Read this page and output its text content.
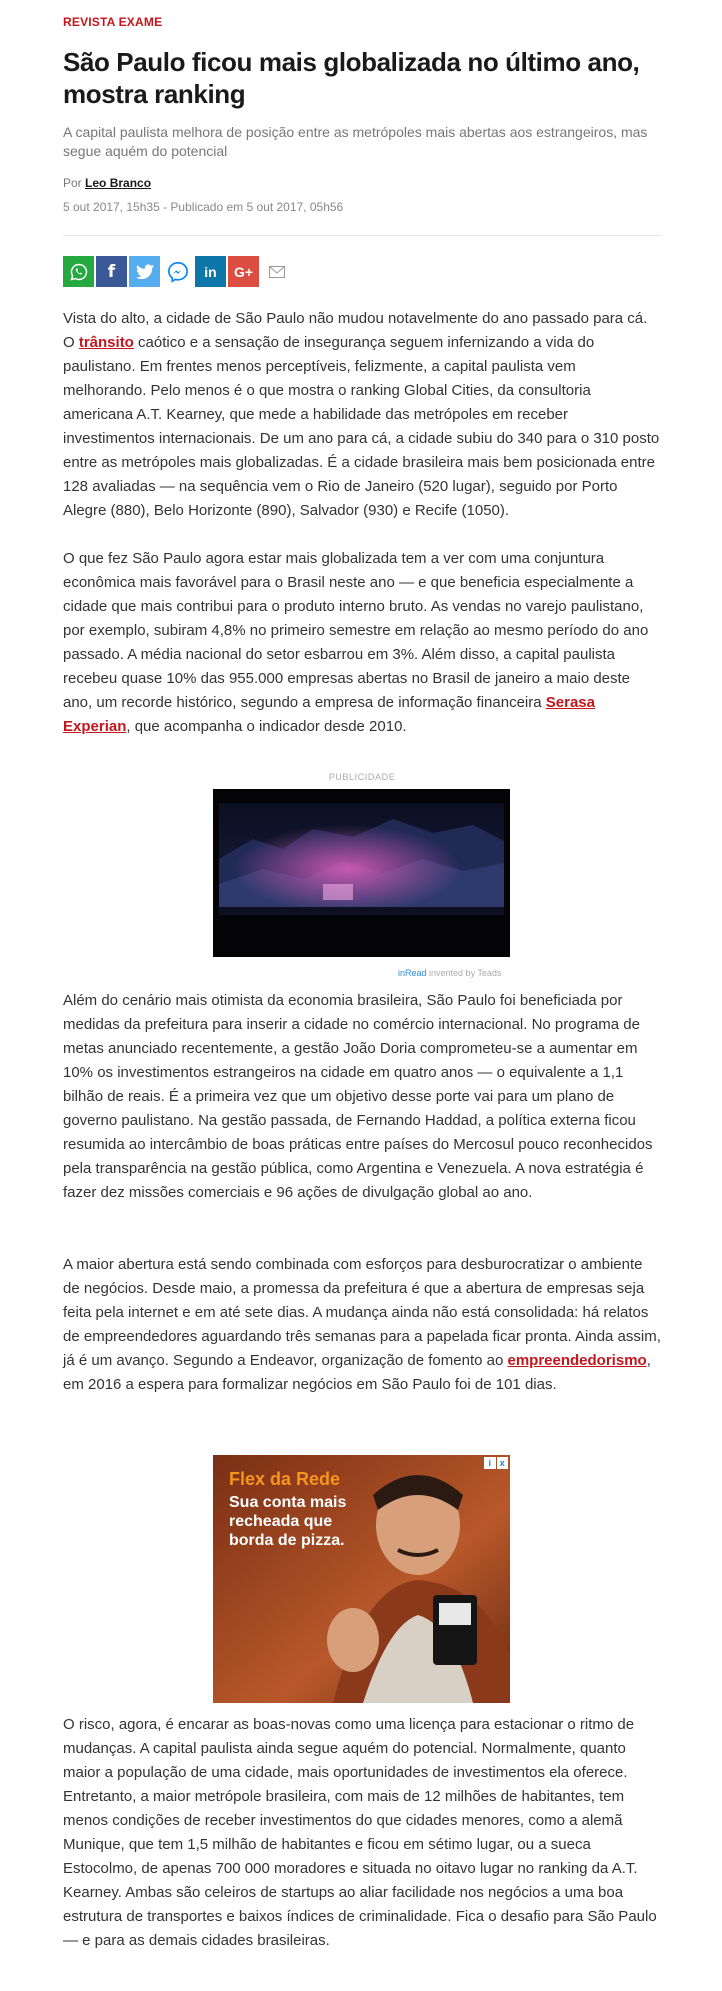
REVISTA EXAME
São Paulo ficou mais globalizada no último ano, mostra ranking

A capital paulista melhora de posição entre as metrópoles mais abertas aos estrangeiros, mas segue aquém do potencial

Por Leo Branco
5 out 2017, 15h35 - Publicado em 5 out 2017, 05h56
f	in G+

Vista do alto, a cidade de São Paulo não mudou notavelmente do ano passado para cá. O trânsito caótico e a sensação de insegurança seguem infernizando a vida do paulistano. Em frentes menos perceptíveis, felizmente, a capital paulista vem melhorando. Pelo menos é o que mostra o ranking Global Cities, da consultoria americana A.T. Kearney, que mede a habilidade das metrópoles em receber investimentos internacionais. De um ano para cá, a cidade subiu do 340 para o 310 posto entre as metrópoles mais globalizadas. É a cidade brasileira mais bem posicionada entre 128 avaliadas — na sequência vem o Rio de Janeiro (520 lugar), seguido por Porto Alegre (880), Belo Horizonte (890), Salvador (930) e Recife (1050).

O que fez São Paulo agora estar mais globalizada tem a ver com uma conjuntura econômica mais favorável para o Brasil neste ano — e que beneficia especialmente a cidade que mais contribui para o produto interno bruto. As vendas no varejo paulistano, por exemplo, subiram 4,8% no primeiro semestre em relação ao mesmo período do ano passado. A média nacional do setor esbarrou em 3%. Além disso, a capital paulista recebeu quase 10% das 955.000 empresas abertas no Brasil de janeiro a maio deste ano, um recorde histórico, segundo a empresa de informação financeira Serasa Experian, que acompanha o indicador desde 2010.

PUBLICIDADE
inRead invented by Teads

Além do cenário mais otimista da economia brasileira, São Paulo foi beneficiada por medidas da prefeitura para inserir a cidade no comércio internacional. No programa de metas anunciado recentemente, a gestão João Doria comprometeu-se a aumentar em 10% os investimentos estrangeiros na cidade em quatro anos — o equivalente a 1,1 bilhão de reais. É a primeira vez que um objetivo desse porte vai para um plano de governo paulistano. Na gestão passada, de Fernando Haddad, a política externa ficou resumida ao intercâmbio de boas práticas entre países do Mercosul pouco reconhecidos pela transparência na gestão pública, como Argentina e Venezuela. A nova estratégia é fazer dez missões comerciais e 96 ações de divulgação global ao ano.

A maior abertura está sendo combinada com esforços para desburocratizar o ambiente de negócios. Desde maio, a promessa da prefeitura é que a abertura de empresas seja feita pela internet e em até sete dias. A mudança ainda não está consolidada: há relatos de empreendedores aguardando três semanas para a papelada ficar pronta. Ainda assim, já é um avanço. Segundo a Endeavor, organização de fomento ao empreendedorismo, em 2016 a espera para formalizar negócios em São Paulo foi de 101 dias.

Flex da Rede
Sua conta mais recheada que borda de pizza.
i x

O risco, agora, é encarar as boas-novas como uma licença para estacionar o ritmo de mudanças. A capital paulista ainda segue aquém do potencial. Normalmente, quanto maior a população de uma cidade, mais oportunidades de investimentos ela oferece. Entretanto, a maior metrópole brasileira, com mais de 12 milhões de habitantes, tem menos condições de receber investimentos do que cidades menores, como a alemã Munique, que tem 1,5 milhão de habitantes e ficou em sétimo lugar, ou a sueca Estocolmo, de apenas 700 000 moradores e situada no oitavo lugar no ranking da A.T. Kearney. Ambas são celeiros de startups ao aliar facilidade nos negócios a uma boa estrutura de transportes e baixos índices de criminalidade. Fica o desafio para São Paulo — e para as demais cidades brasileiras.
